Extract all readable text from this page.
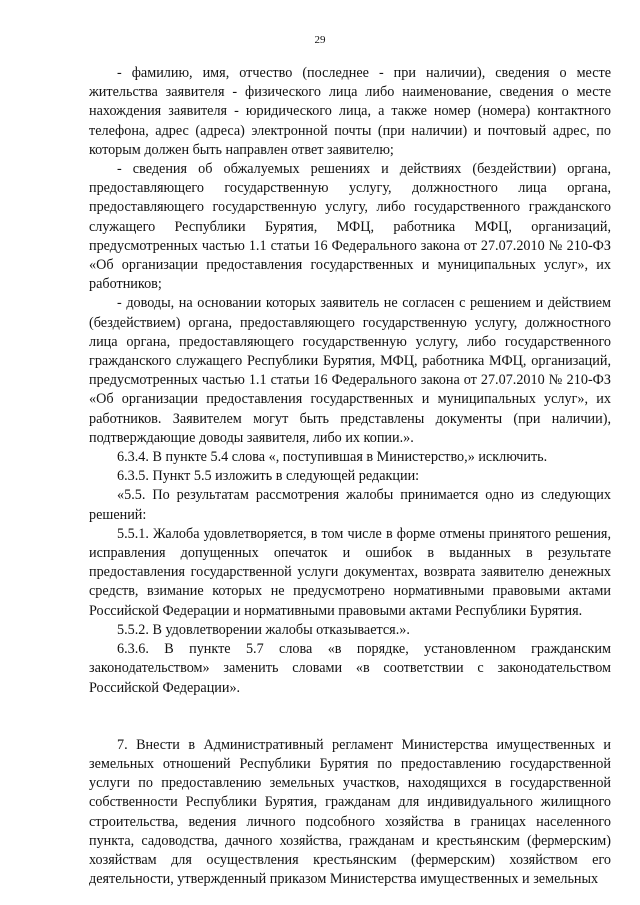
29

- фамилию, имя, отчество (последнее - при наличии), сведения о месте жительства заявителя - физического лица либо наименование, сведения о месте нахождения заявителя - юридического лица, а также номер (номера) контактного телефона, адрес (адреса) электронной почты (при наличии) и почтовый адрес, по которым должен быть направлен ответ заявителю;

- сведения об обжалуемых решениях и действиях (бездействии) органа, предоставляющего государственную услугу, должностного лица органа, предоставляющего государственную услугу, либо государственного гражданского служащего Республики Бурятия, МФЦ, работника МФЦ, организаций, предусмотренных частью 1.1 статьи 16 Федерального закона от 27.07.2010 № 210-ФЗ «Об организации предоставления государственных и муниципальных услуг», их работников;

- доводы, на основании которых заявитель не согласен с решением и действием (бездействием) органа, предоставляющего государственную услугу, должностного лица органа, предоставляющего государственную услугу, либо государственного гражданского служащего Республики Бурятия, МФЦ, работника МФЦ, организаций, предусмотренных частью 1.1 статьи 16 Федерального закона от 27.07.2010 № 210-ФЗ «Об организации предоставления государственных и муниципальных услуг», их работников. Заявителем могут быть представлены документы (при наличии), подтверждающие доводы заявителя, либо их копии.».

6.3.4. В пункте 5.4 слова «, поступившая в Министерство,» исключить.

6.3.5. Пункт 5.5 изложить в следующей редакции:

«5.5. По результатам рассмотрения жалобы принимается одно из следующих решений:

5.5.1. Жалоба удовлетворяется, в том числе в форме отмены принятого решения, исправления допущенных опечаток и ошибок в выданных в результате предоставления государственной услуги документах, возврата заявителю денежных средств, взимание которых не предусмотрено нормативными правовыми актами Российской Федерации и нормативными правовыми актами Республики Бурятия.

5.5.2. В удовлетворении жалобы отказывается.».

6.3.6. В пункте 5.7 слова «в порядке, установленном гражданским законодательством» заменить словами «в соответствии с законодательством Российской Федерации».

7. Внести в Административный регламент Министерства имущественных и земельных отношений Республики Бурятия по предоставлению государственной услуги по предоставлению земельных участков, находящихся в государственной собственности Республики Бурятия, гражданам для индивидуального жилищного строительства, ведения личного подсобного хозяйства в границах населенного пункта, садоводства, дачного хозяйства, гражданам и крестьянским (фермерским) хозяйствам для осуществления крестьянским (фермерским) хозяйством его деятельности, утвержденный приказом Министерства имущественных и земельных
